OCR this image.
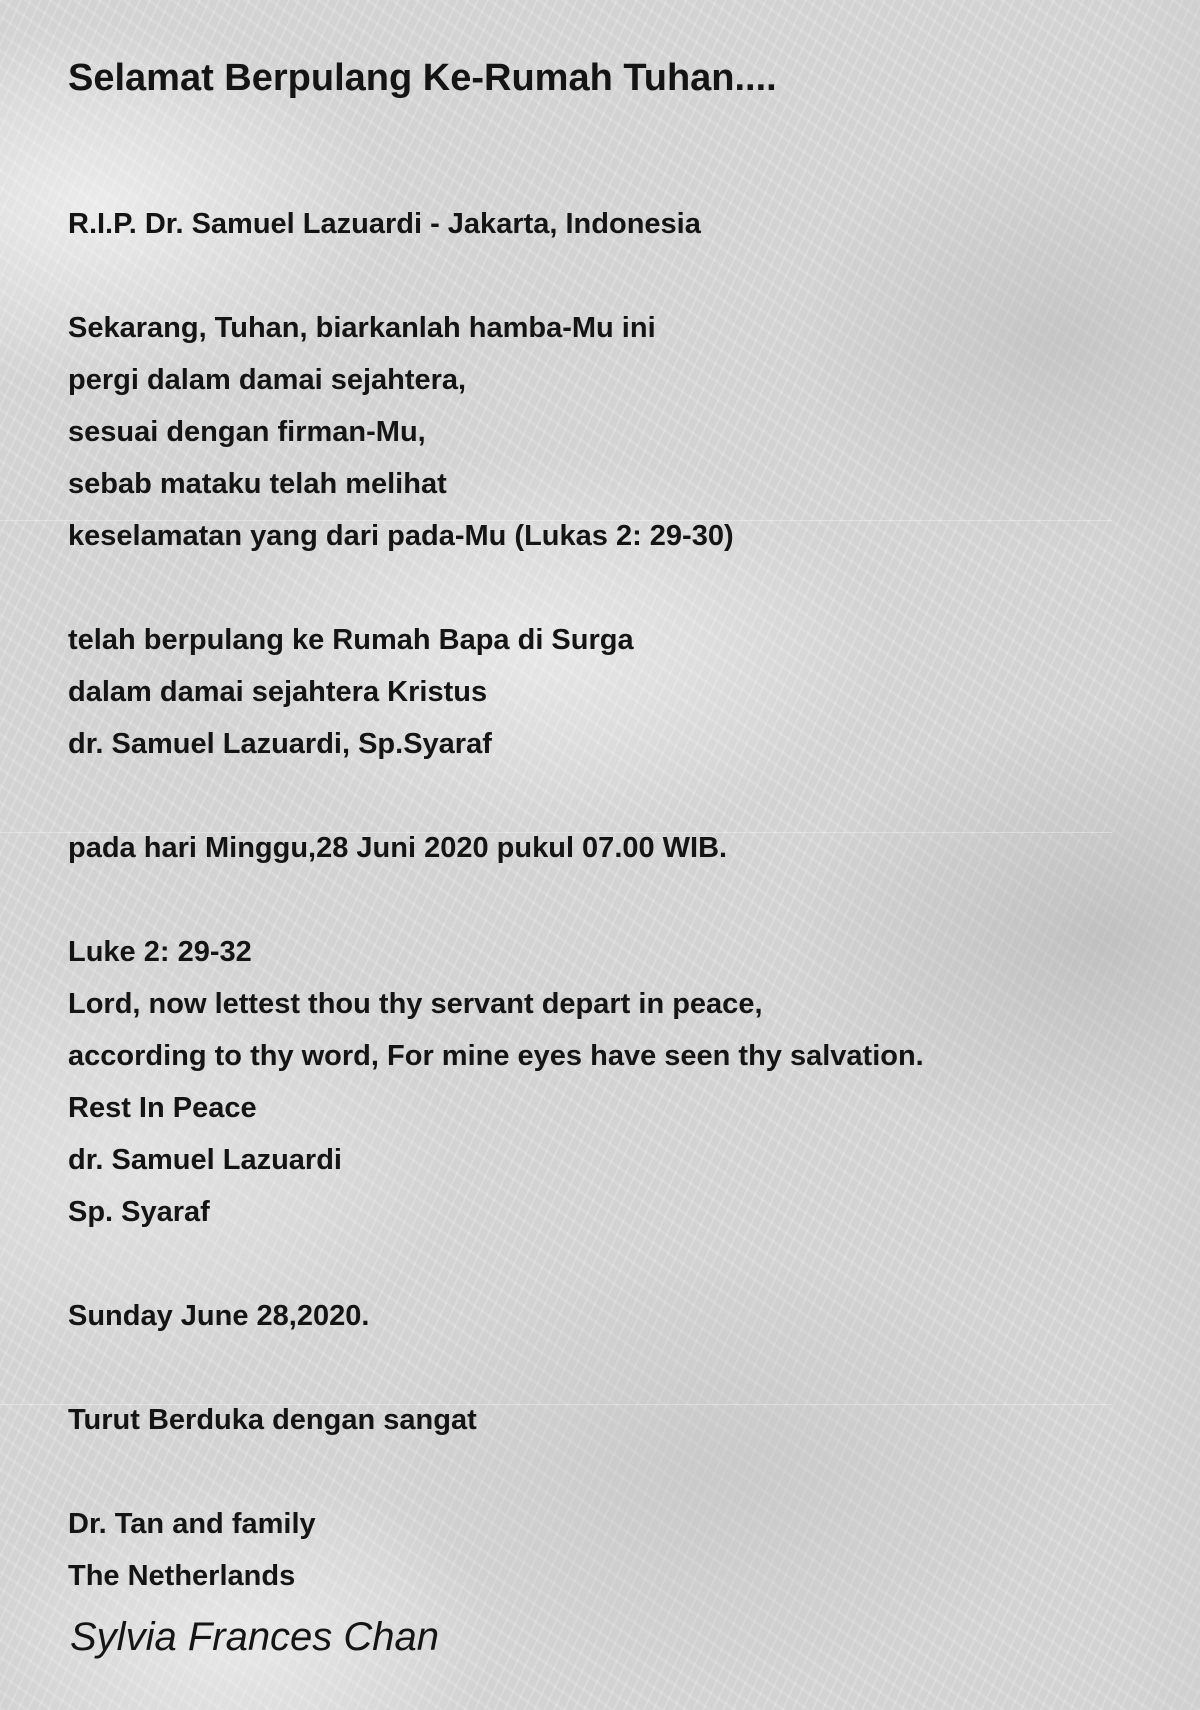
Selamat Berpulang Ke-Rumah Tuhan....
R.I.P. Dr. Samuel Lazuardi - Jakarta, Indonesia
Sekarang, Tuhan, biarkanlah hamba-Mu ini
pergi dalam damai sejahtera,
sesuai dengan firman-Mu,
sebab mataku telah melihat
keselamatan yang dari pada-Mu (Lukas 2: 29-30)
telah berpulang ke Rumah Bapa di Surga
dalam damai sejahtera Kristus
dr. Samuel Lazuardi, Sp.Syaraf
pada hari Minggu,28 Juni 2020 pukul 07.00 WIB.
Luke 2: 29-32
Lord, now lettest thou thy servant depart in peace,
according to thy word, For mine eyes have seen thy salvation.
Rest In Peace
dr. Samuel Lazuardi
Sp. Syaraf
Sunday June 28,2020.
Turut Berduka dengan sangat
Dr. Tan and family
The Netherlands
Sylvia Frances Chan
